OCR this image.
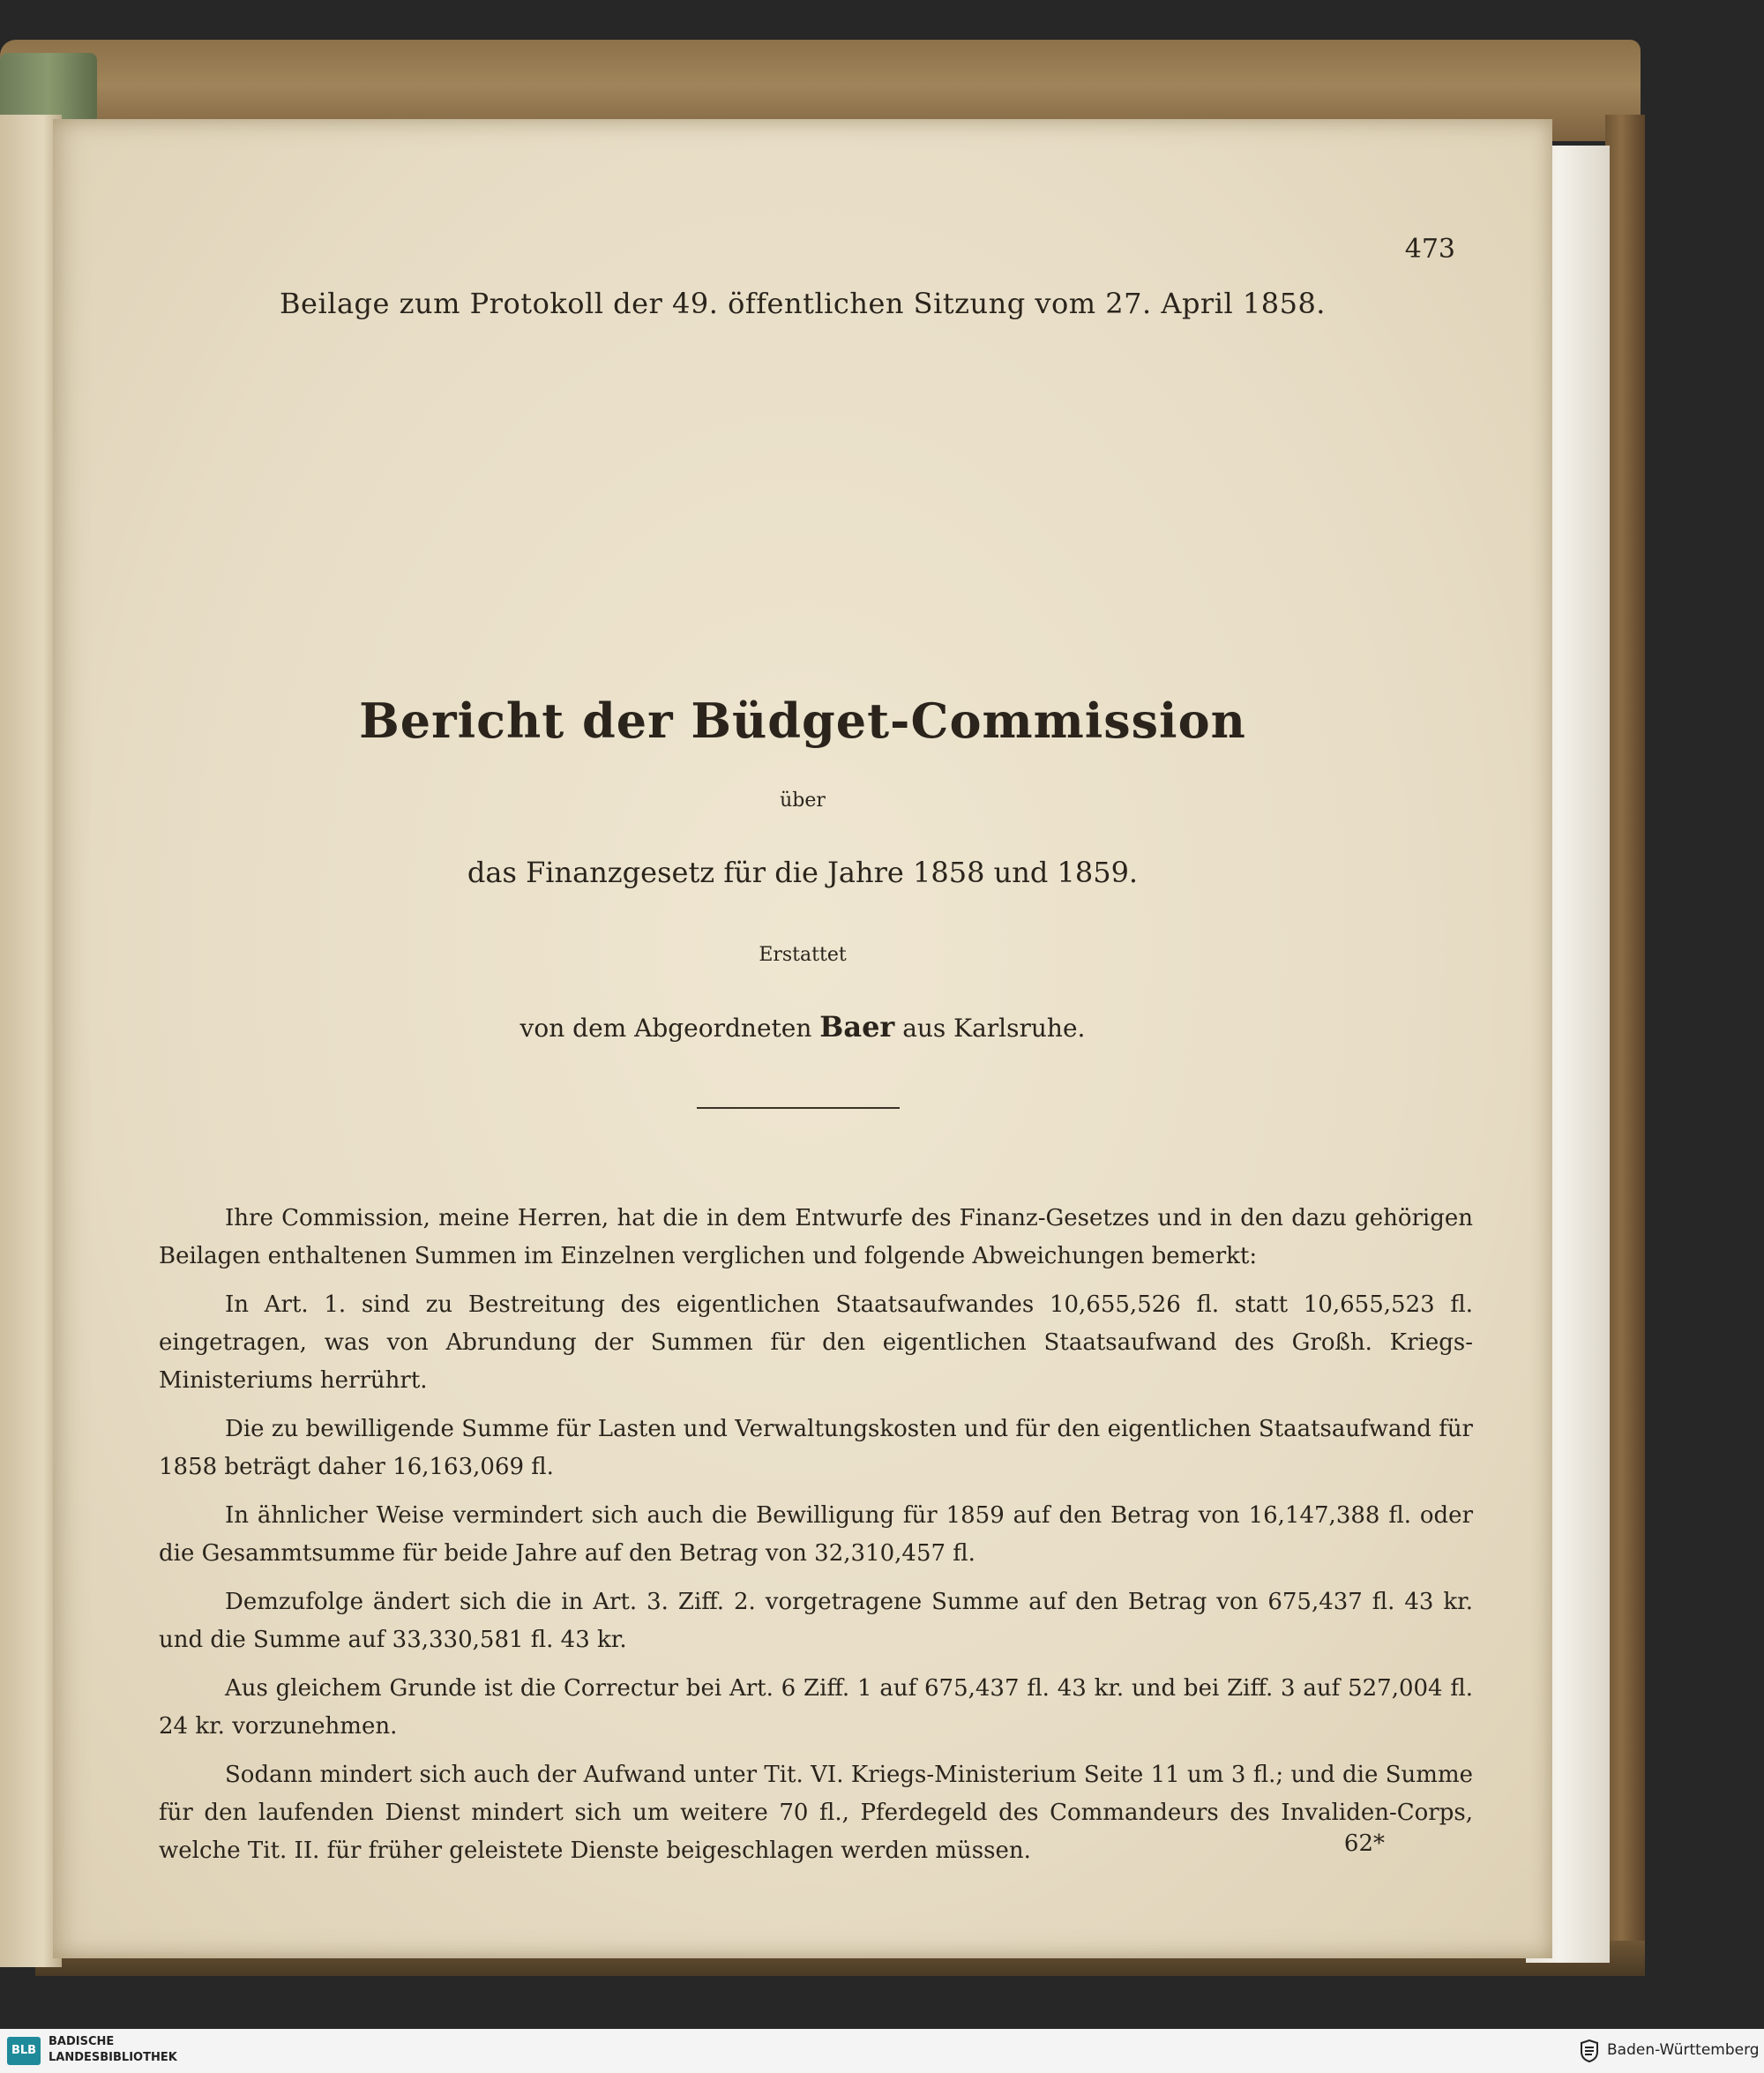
473
Beilage zum Protokoll der 49. öffentlichen Sitzung vom 27. April 1858.
Bericht der Büdget-Commission
über
das Finanzgesetz für die Jahre 1858 und 1859.
Erstattet
von dem Abgeordneten Baer aus Karlsruhe.

Ihre Commission, meine Herren, hat die in dem Entwurfe des Finanz-Gesetzes und in den dazu gehörigen Beilagen enthaltenen Summen im Einzelnen verglichen und folgende Abweichungen bemerkt:

In Art. 1. sind zu Bestreitung des eigentlichen Staatsaufwandes 10,655,526 fl. statt 10,655,523 fl. eingetragen, was von Abrundung der Summen für den eigentlichen Staatsaufwand des Großh. Kriegs-Ministeriums herrührt.

Die zu bewilligende Summe für Lasten und Verwaltungskosten und für den eigentlichen Staatsaufwand für 1858 beträgt daher 16,163,069 fl.

In ähnlicher Weise vermindert sich auch die Bewilligung für 1859 auf den Betrag von 16,147,388 fl. oder die Gesammtsumme für beide Jahre auf den Betrag von 32,310,457 fl.

Demzufolge ändert sich die in Art. 3. Ziff. 2. vorgetragene Summe auf den Betrag von 675,437 fl. 43 kr. und die Summe auf 33,330,581 fl. 43 kr.

Aus gleichem Grunde ist die Correctur bei Art. 6 Ziff. 1 auf 675,437 fl. 43 kr. und bei Ziff. 3 auf 527,004 fl. 24 kr. vorzunehmen.

Sodann mindert sich auch der Aufwand unter Tit. VI. Kriegs-Ministerium Seite 11 um 3 fl.; und die Summe für den laufenden Dienst mindert sich um weitere 70 fl., Pferdegeld des Commandeurs des Invaliden-Corps, welche Tit. II. für früher geleistete Dienste beigeschlagen werden müssen.	62*
BLB
BADISCHE
LANDESBIBLIOTHEK	Baden-Württemberg
